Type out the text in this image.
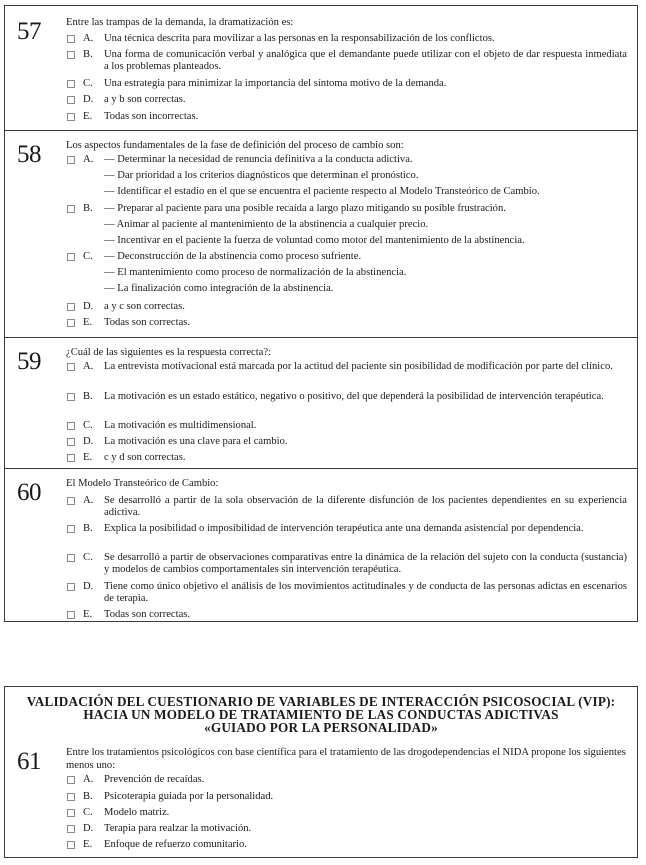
57 Entre las trampas de la demanda, la dramatización es:
A. Una técnica descrita para movilizar a las personas en la responsabilización de los conflictos.
B. Una forma de comunicación verbal y analógica que el demandante puede utilizar con el objeto de dar respuesta inmediata a los problemas planteados.
C. Una estrategia para minimizar la importancia del síntoma motivo de la demanda.
D. a y b son correctas.
E. Todas son incorrectas.
58 Los aspectos fundamentales de la fase de definición del proceso de cambio son:
A. — Determinar la necesidad de renuncia definitiva a la conducta adictiva.
— Dar prioridad a los criterios diagnósticos que determinan el pronóstico.
— Identificar el estadio en el que se encuentra el paciente respecto al Modelo Transteórico de Cambio.
B. — Preparar al paciente para una posible recaída a largo plazo mitigando su posible frustración.
— Animar al paciente al mantenimiento de la abstinencia a cualquier precio.
— Incentivar en el paciente la fuerza de voluntad como motor del mantenimiento de la abstinencia.
C. — Deconstrucción de la abstinencia como proceso sufriente.
— El mantenimiento como proceso de normalización de la abstinencia.
— La finalización como integración de la abstinencia.
D. a y c son correctas.
E. Todas son correctas.
59 ¿Cuál de las siguientes es la respuesta correcta?:
A. La entrevista motivacional está marcada por la actitud del paciente sin posibilidad de modificación por parte del clínico.
B. La motivación es un estado estático, negativo o positivo, del que dependerá la posibilidad de intervención terapéutica.
C. La motivación es multidimensional.
D. La motivación es una clave para el cambio.
E. c y d son correctas.
60 El Modelo Transteórico de Cambio:
A. Se desarrolló a partir de la sola observación de la diferente disfunción de los pacientes dependientes en su experiencia adictiva.
B. Explica la posibilidad o imposibilidad de intervención terapéutica ante una demanda asistencial por dependencia.
C. Se desarrolló a partir de observaciones comparativas entre la dinámica de la relación del sujeto con la conducta (sustancia) y modelos de cambios comportamentales sin intervención terapéutica.
D. Tiene como único objetivo el análisis de los movimientos actitudinales y de conducta de las personas adictas en escenarios de terapia.
E. Todas son correctas.
VALIDACIÓN DEL CUESTIONARIO DE VARIABLES DE INTERACCIÓN PSICOSOCIAL (VIP):
HACIA UN MODELO DE TRATAMIENTO DE LAS CONDUCTAS ADICTIVAS
«GUIADO POR LA PERSONALIDAD»
61 Entre los tratamientos psicológicos con base científica para el tratamiento de las drogodependencias el NIDA propone los siguientes menos uno:
A. Prevención de recaídas.
B. Psicoterapia guiada por la personalidad.
C. Modelo matriz.
D. Terapia para realzar la motivación.
E. Enfoque de refuerzo comunitario.
